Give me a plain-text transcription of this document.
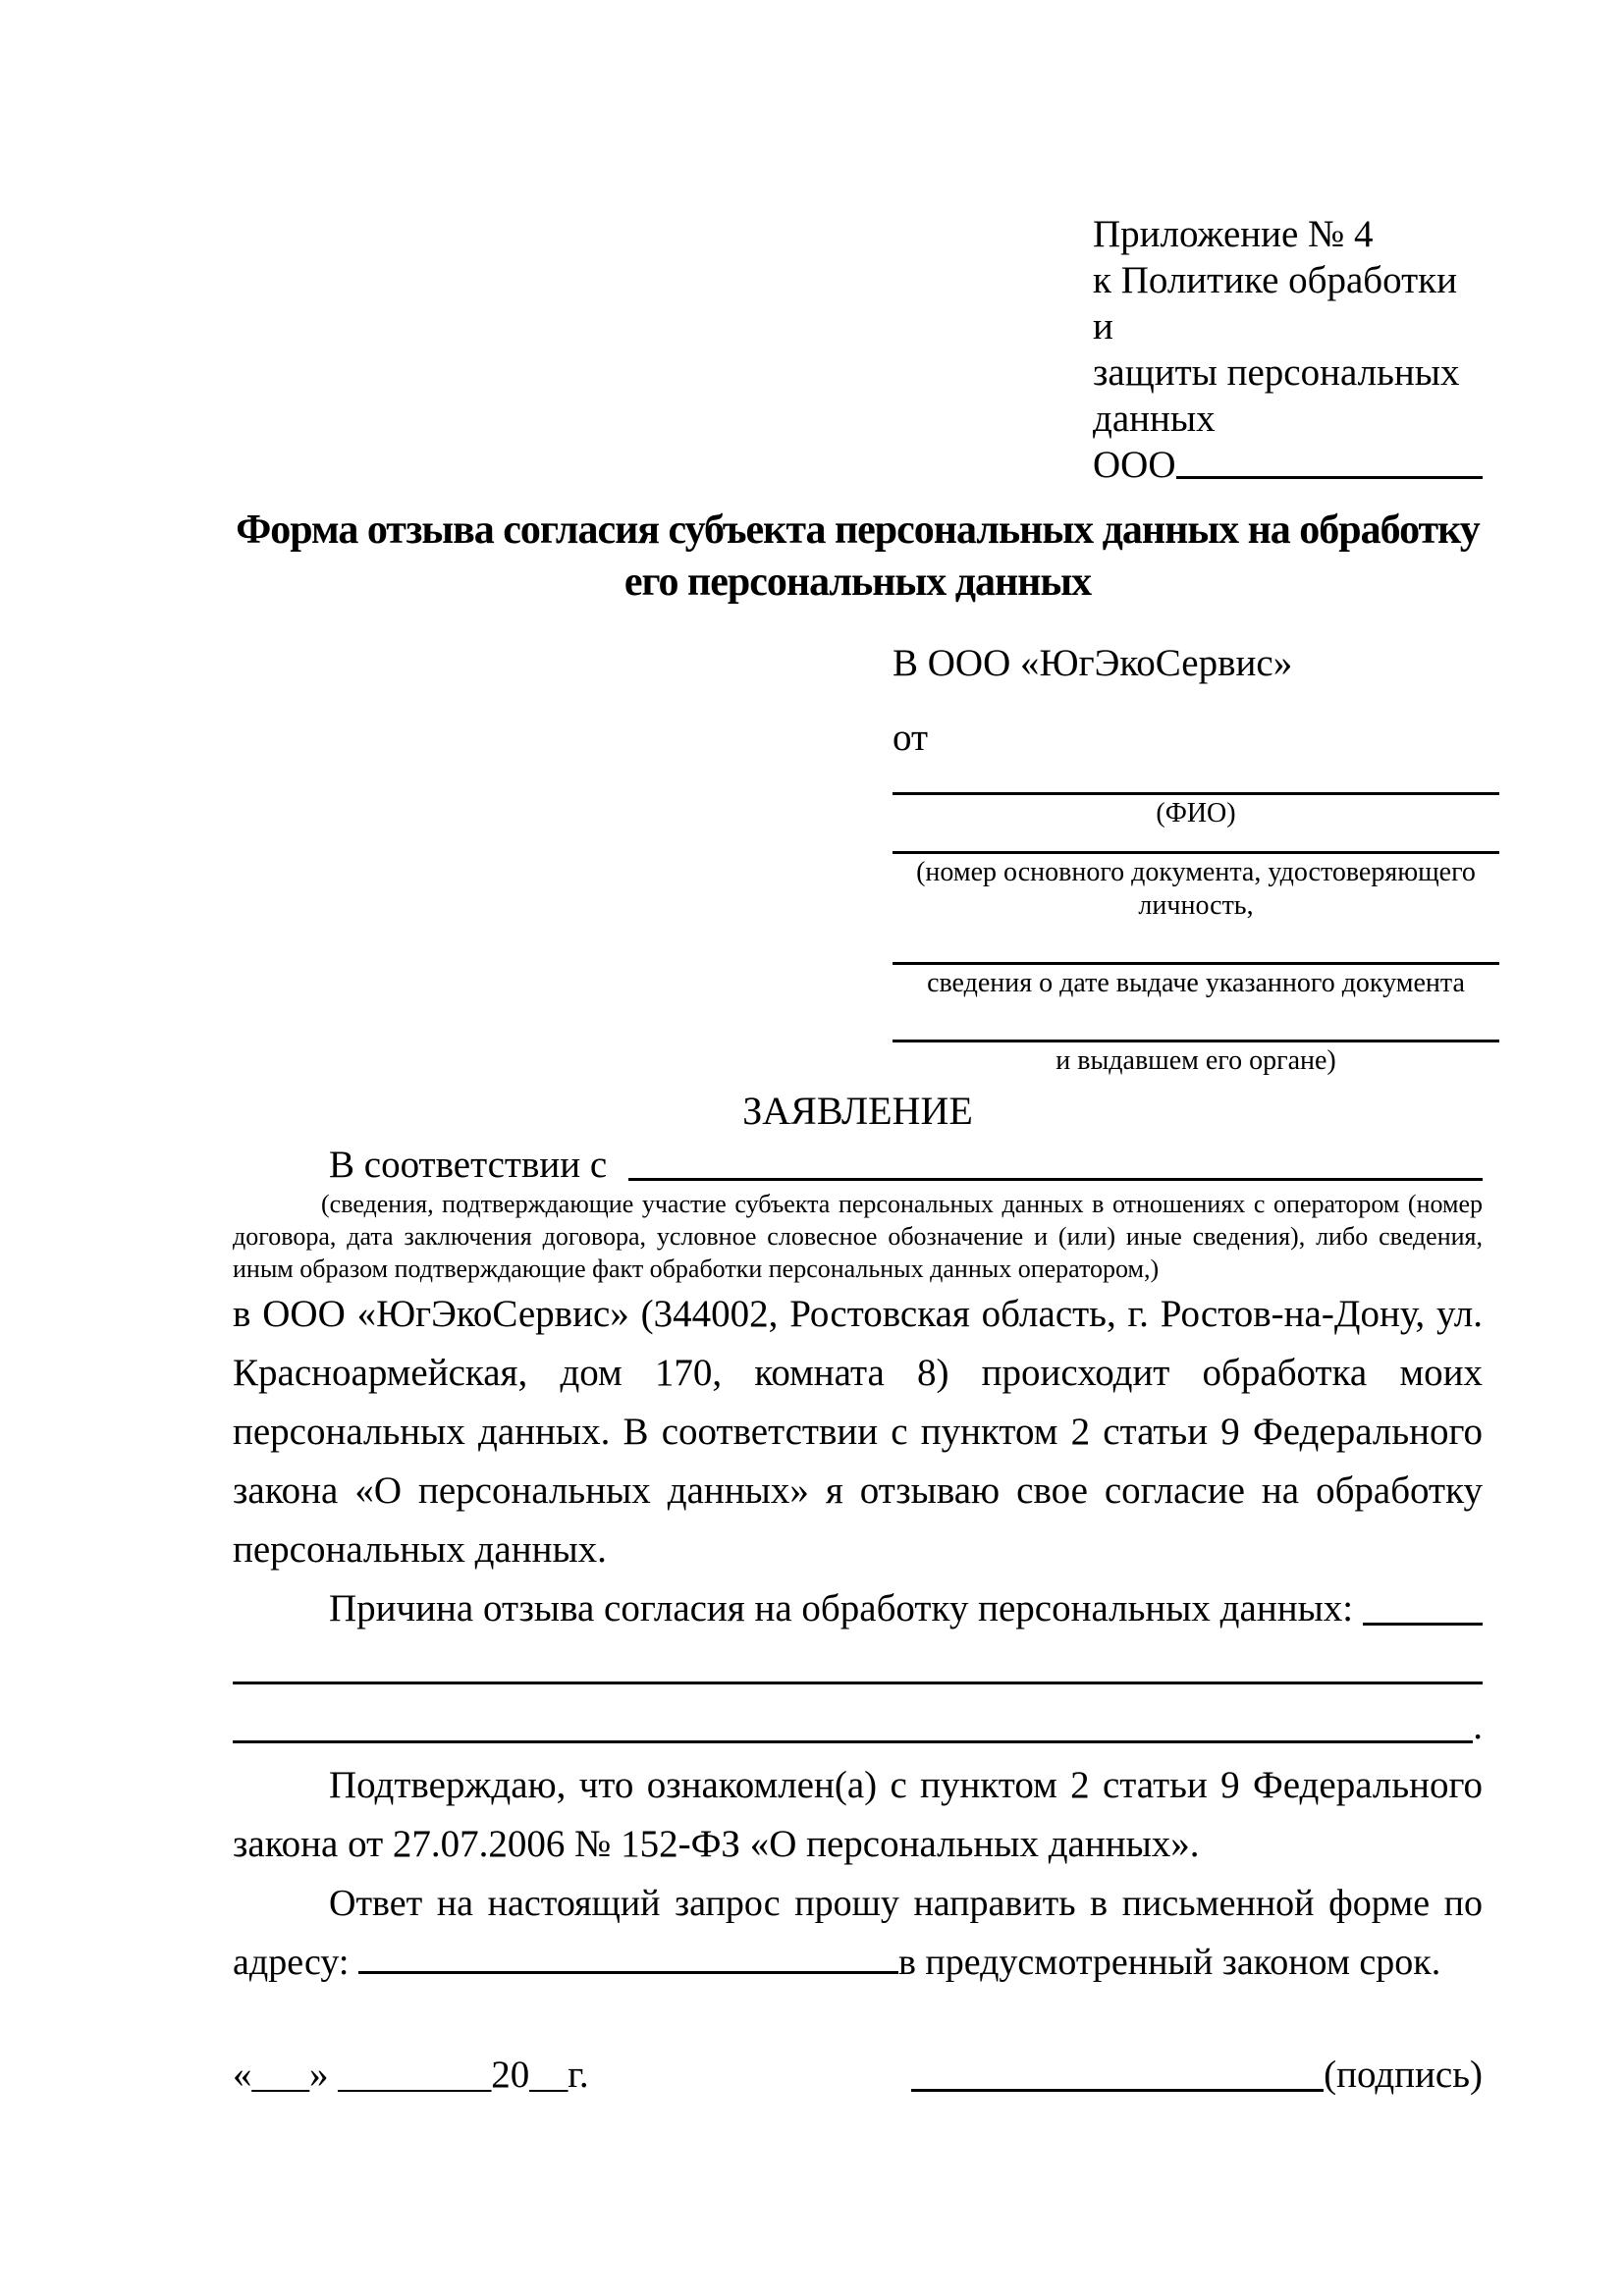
Приложение № 4
к Политике обработки и
защиты персональных данных
ООО
Форма отзыва согласия субъекта персональных данных на обработку его персональных данных
В ООО «ЮгЭкоСервис»
от
(ФИО)
(номер основного документа, удостоверяющего личность,
сведения о дате выдаче указанного документа
и выдавшем его органе)
ЗАЯВЛЕНИЕ
В соответствии с
(сведения, подтверждающие участие субъекта персональных данных в отношениях с оператором (номер договора, дата заключения договора, условное словесное обозначение и (или) иные сведения), либо сведения, иным образом подтверждающие факт обработки персональных данных оператором,)
в ООО «ЮгЭкоСервис» (344002, Ростовская область, г. Ростов-на-Дону, ул. Красноармейская, дом 170, комната 8) происходит обработка моих персональных данных. В соответствии с пунктом 2 статьи 9 Федерального закона «О персональных данных» я отзываю свое согласие на обработку персональных данных.
Причина отзыва согласия на обработку персональных данных:
.
Подтверждаю, что ознакомлен(а) с пунктом 2 статьи 9 Федерального закона от 27.07.2006 № 152-ФЗ «О персональных данных».
Ответ на настоящий запрос прошу направить в письменной форме по адресу:	в предусмотренный законом срок.
«___» ________20__г.	(подпись)
